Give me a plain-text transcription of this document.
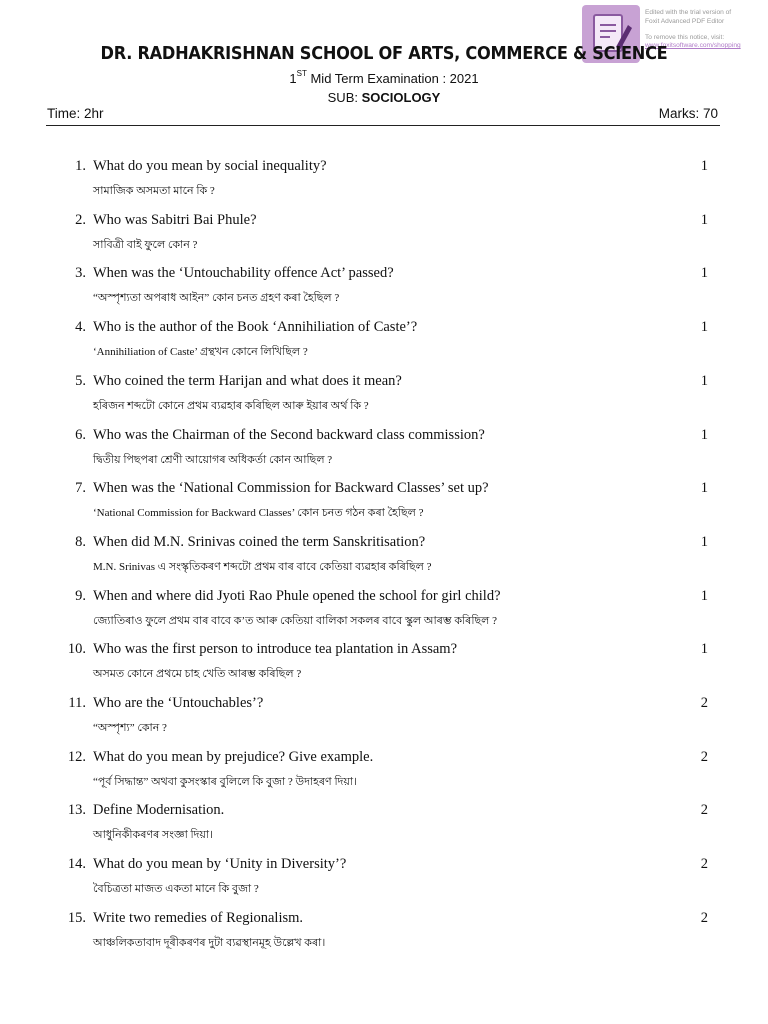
Edited with the trial version of
Foxit Advanced PDF Editor
To remove this notice, visit:
www.foxitsoftware.com/shopping
DR. RADHAKRISHNAN SCHOOL OF ARTS, COMMERCE & SCIENCE
1ST Mid Term Examination : 2021
SUB: SOCIOLOGY
Time: 2hr	Marks: 70
1. What do you mean by social inequality?
সামাজিক অসমতা মানে কি ?
1
2. Who was Sabitri Bai Phule?
সাবিত্ৰী বাই ফুলে কোন ?
1
3. When was the ‘Untouchability offence Act’ passed?
“অস্পৃশ্যতা অপৰাধ আইন” কোন চনত গ্ৰহণ কৰা হৈছিল ?
1
4. Who is the author of the Book ‘Annihiliation of Caste’?
‘Annihiliation of Caste’ গ্ৰন্থখন কোনে লিখিছিল ?
1
5. Who coined the term Harijan and what does it mean?
হৰিজন শব্দটো কোনে প্ৰথম ব্যৱহাৰ কৰিছিল আৰু ইয়াৰ অৰ্থ কি ?
1
6. Who was the Chairman of the Second backward class commission?
দ্বিতীয় পিছপৰা শ্ৰেণী আয়োগৰ অধিকৰ্তা কোন আছিল ?
1
7. When was the ‘National Commission for Backward Classes’ set up?
‘National Commission for Backward Classes’ কোন চনত গঠন কৰা হৈছিল ?
1
8. When did M.N. Srinivas coined the term Sanskritisation?
M.N. Srinivas এ সংস্কৃতিকৰণ শব্দটো প্ৰথম বাৰ বাবে কেতিয়া ব্যৱহাৰ কৰিছিল ?
1
9. When and where did Jyoti Rao Phule opened the school for girl child?
জ্যোতিৰাও ফুলে প্ৰথম বাৰ বাবে ক’ত আৰু কেতিয়া বালিকা সকলৰ বাবে স্কুল আৰম্ভ কৰিছিল ?
1
10. Who was the first person to introduce tea plantation in Assam?
অসমত কোনে প্ৰথমে চাহ খেতি আৰম্ভ কৰিছিল ?
1
11. Who are the ‘Untouchables’?
“অস্পৃশ্য” কোন ?
2
12. What do you mean by prejudice? Give example.
“পূৰ্ব সিদ্ধান্ত” অথবা কুসংস্কাৰ বুলিলে কি বুজা ? উদাহৰণ দিয়া।
2
13. Define Modernisation.
আধুনিকীকৰণৰ সংজ্ঞা দিয়া।
2
14. What do you mean by ‘Unity in Diversity’?
বৈচিত্ৰতা মাজত একতা মানে কি বুজা ?
2
15. Write two remedies of Regionalism.
আঞ্চলিকতাবাদ দূৰীকৰণৰ দুটা ব্যৱস্থানমূহ উল্লেখ কৰা।
2
